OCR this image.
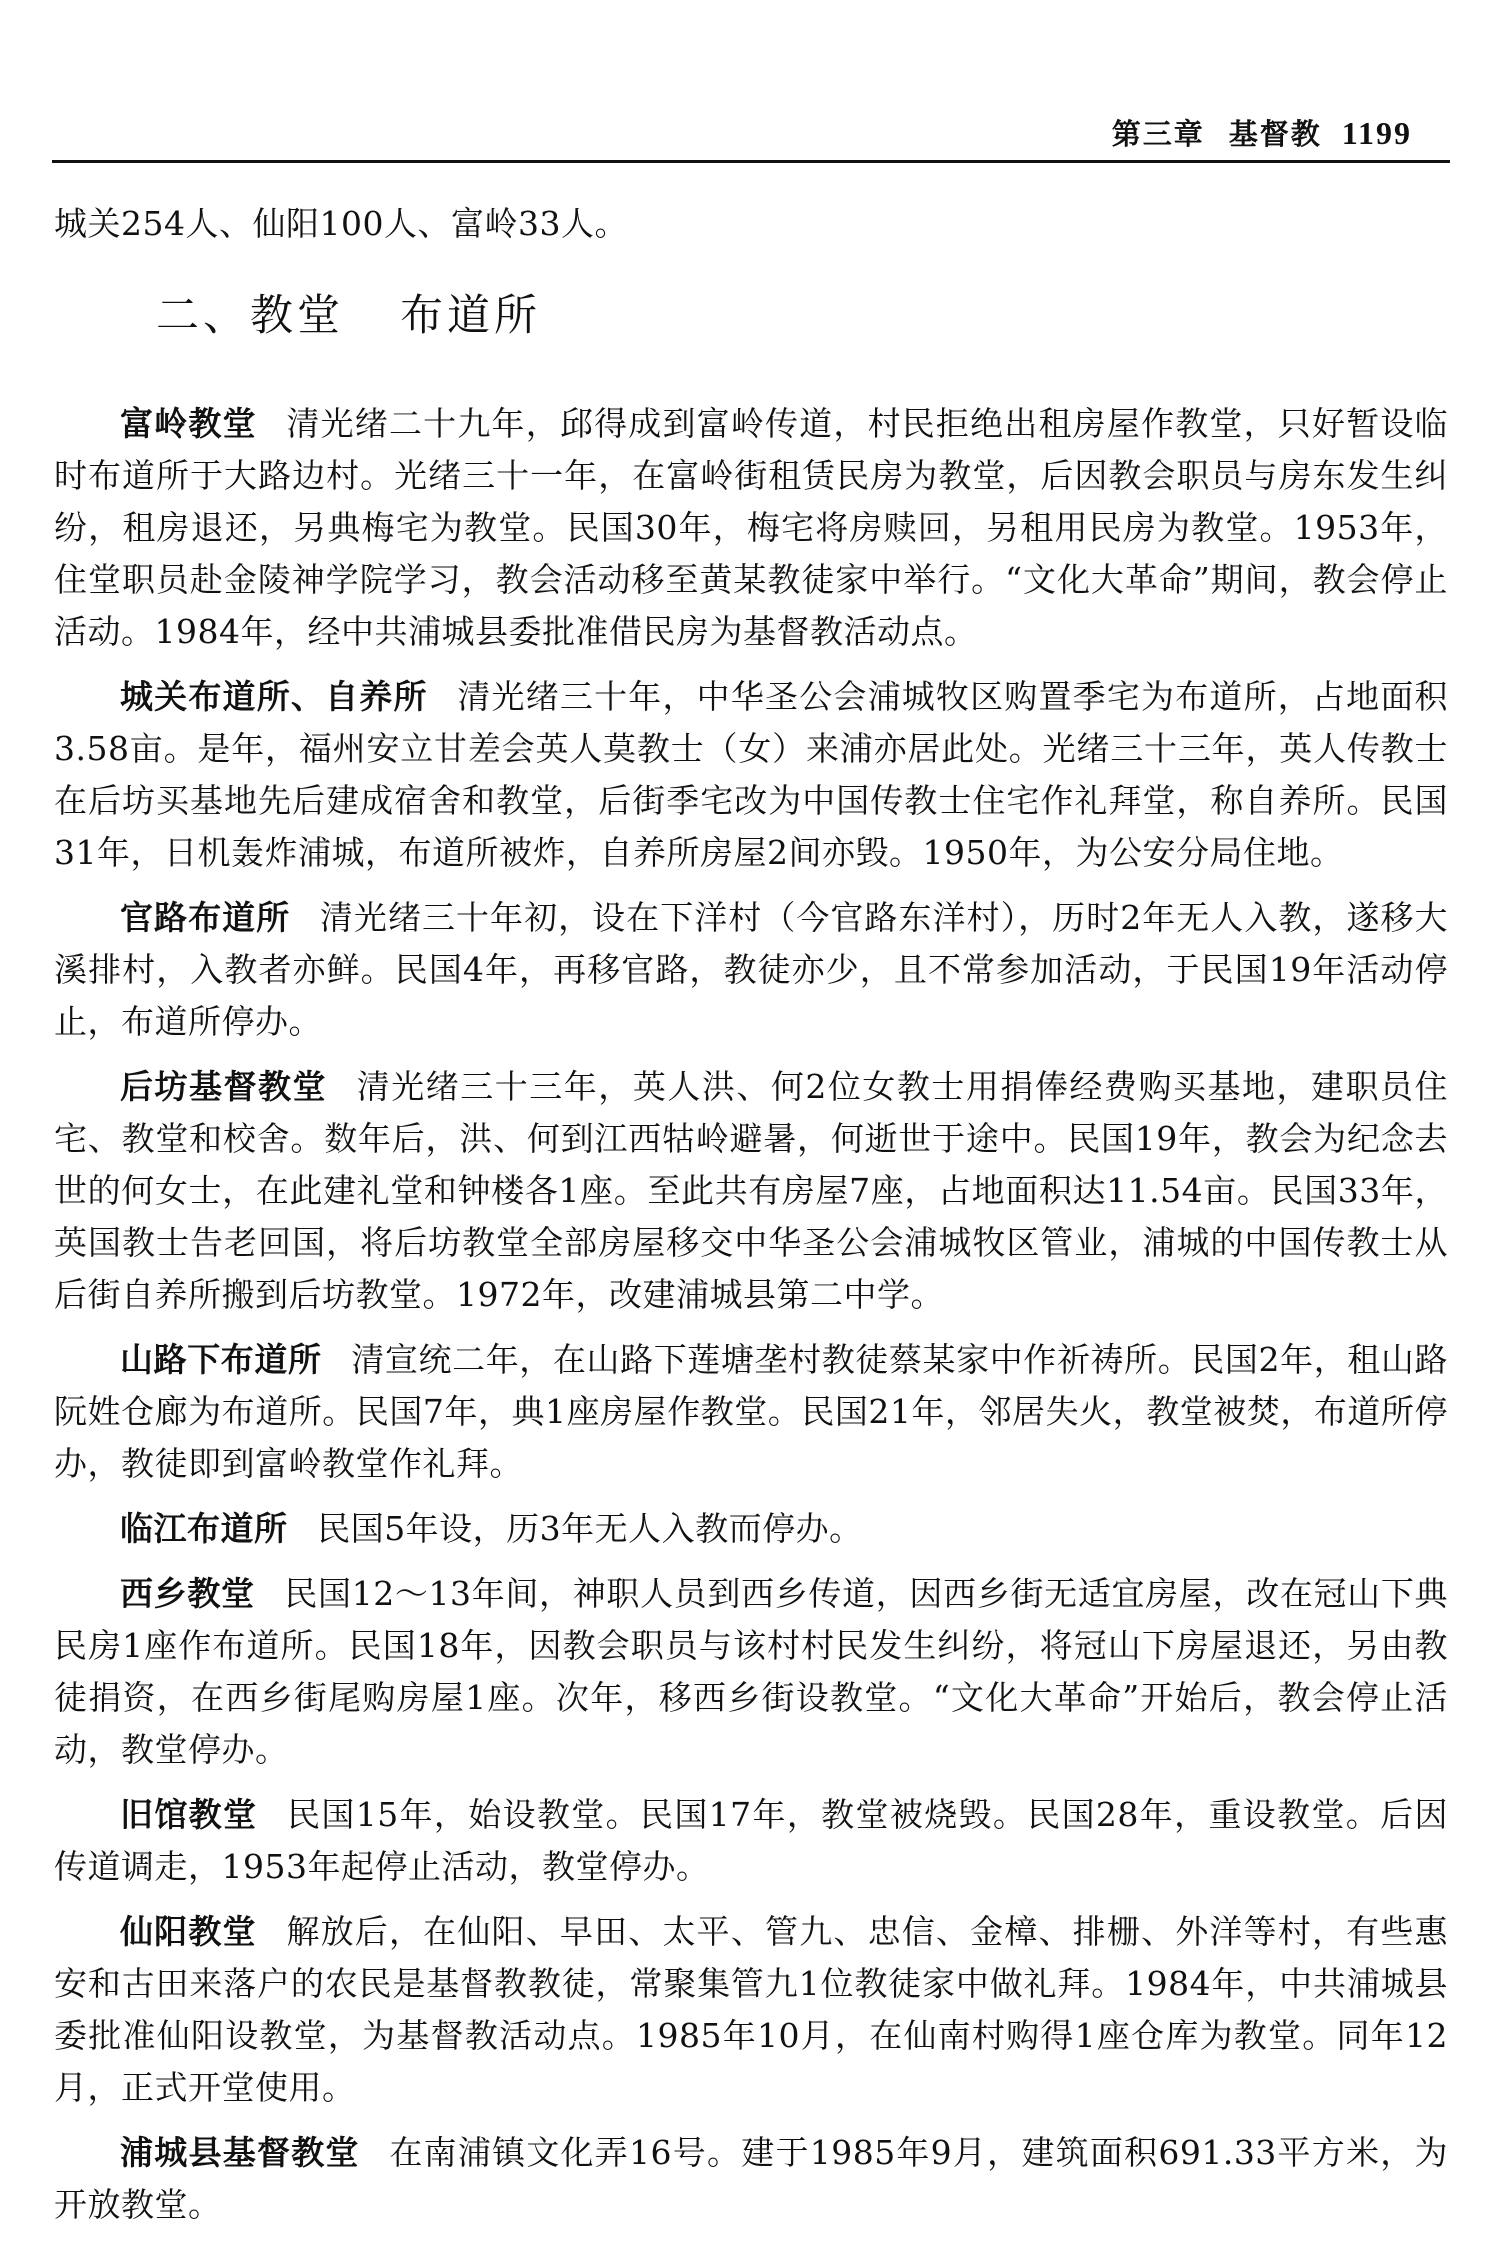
第三章 基督教 1199

城关254人、仙阳100人、富岭33人。

二、教堂 布道所

富岭教堂 清光绪二十九年，邱得成到富岭传道，村民拒绝出租房屋作教堂，只好暂设临时布道所于大路边村。光绪三十一年，在富岭街租赁民房为教堂，后因教会职员与房东发生纠纷，租房退还，另典梅宅为教堂。民国30年，梅宅将房赎回，另租用民房为教堂。1953年，住堂职员赴金陵神学院学习，教会活动移至黄某教徒家中举行。“文化大革命”期间，教会停止活动。1984年，经中共浦城县委批准借民房为基督教活动点。

城关布道所、自养所 清光绪三十年，中华圣公会浦城牧区购置季宅为布道所，占地面积3.58亩。是年，福州安立甘差会英人莫教士（女）来浦亦居此处。光绪三十三年，英人传教士在后坊买基地先后建成宿舍和教堂，后街季宅改为中国传教士住宅作礼拜堂，称自养所。民国31年，日机轰炸浦城，布道所被炸，自养所房屋2间亦毁。1950年，为公安分局住地。

官路布道所 清光绪三十年初，设在下洋村（今官路东洋村），历时2年无人入教，遂移大溪排村，入教者亦鲜。民国4年，再移官路，教徒亦少，且不常参加活动，于民国19年活动停止，布道所停办。

后坊基督教堂 清光绪三十三年，英人洪、何2位女教士用捐俸经费购买基地，建职员住宅、教堂和校舍。数年后，洪、何到江西牯岭避暑，何逝世于途中。民国19年，教会为纪念去世的何女士，在此建礼堂和钟楼各1座。至此共有房屋7座，占地面积达11.54亩。民国33年，英国教士告老回国，将后坊教堂全部房屋移交中华圣公会浦城牧区管业，浦城的中国传教士从后街自养所搬到后坊教堂。1972年，改建浦城县第二中学。

山路下布道所 清宣统二年，在山路下莲塘垄村教徒蔡某家中作祈祷所。民国2年，租山路阮姓仓廊为布道所。民国7年，典1座房屋作教堂。民国21年，邻居失火，教堂被焚，布道所停办，教徒即到富岭教堂作礼拜。

临江布道所 民国5年设，历3年无人入教而停办。

西乡教堂 民国12～13年间，神职人员到西乡传道，因西乡街无适宜房屋，改在冠山下典民房1座作布道所。民国18年，因教会职员与该村村民发生纠纷，将冠山下房屋退还，另由教徒捐资，在西乡街尾购房屋1座。次年，移西乡街设教堂。“文化大革命”开始后，教会停止活动，教堂停办。

旧馆教堂 民国15年，始设教堂。民国17年，教堂被烧毁。民国28年，重设教堂。后因传道调走，1953年起停止活动，教堂停办。

仙阳教堂 解放后，在仙阳、早田、太平、管九、忠信、金樟、排栅、外洋等村，有些惠安和古田来落户的农民是基督教教徒，常聚集管九1位教徒家中做礼拜。1984年，中共浦城县委批准仙阳设教堂，为基督教活动点。1985年10月，在仙南村购得1座仓库为教堂。同年12月，正式开堂使用。

浦城县基督教堂 在南浦镇文化弄16号。建于1985年9月，建筑面积691.33平方米，为开放教堂。
